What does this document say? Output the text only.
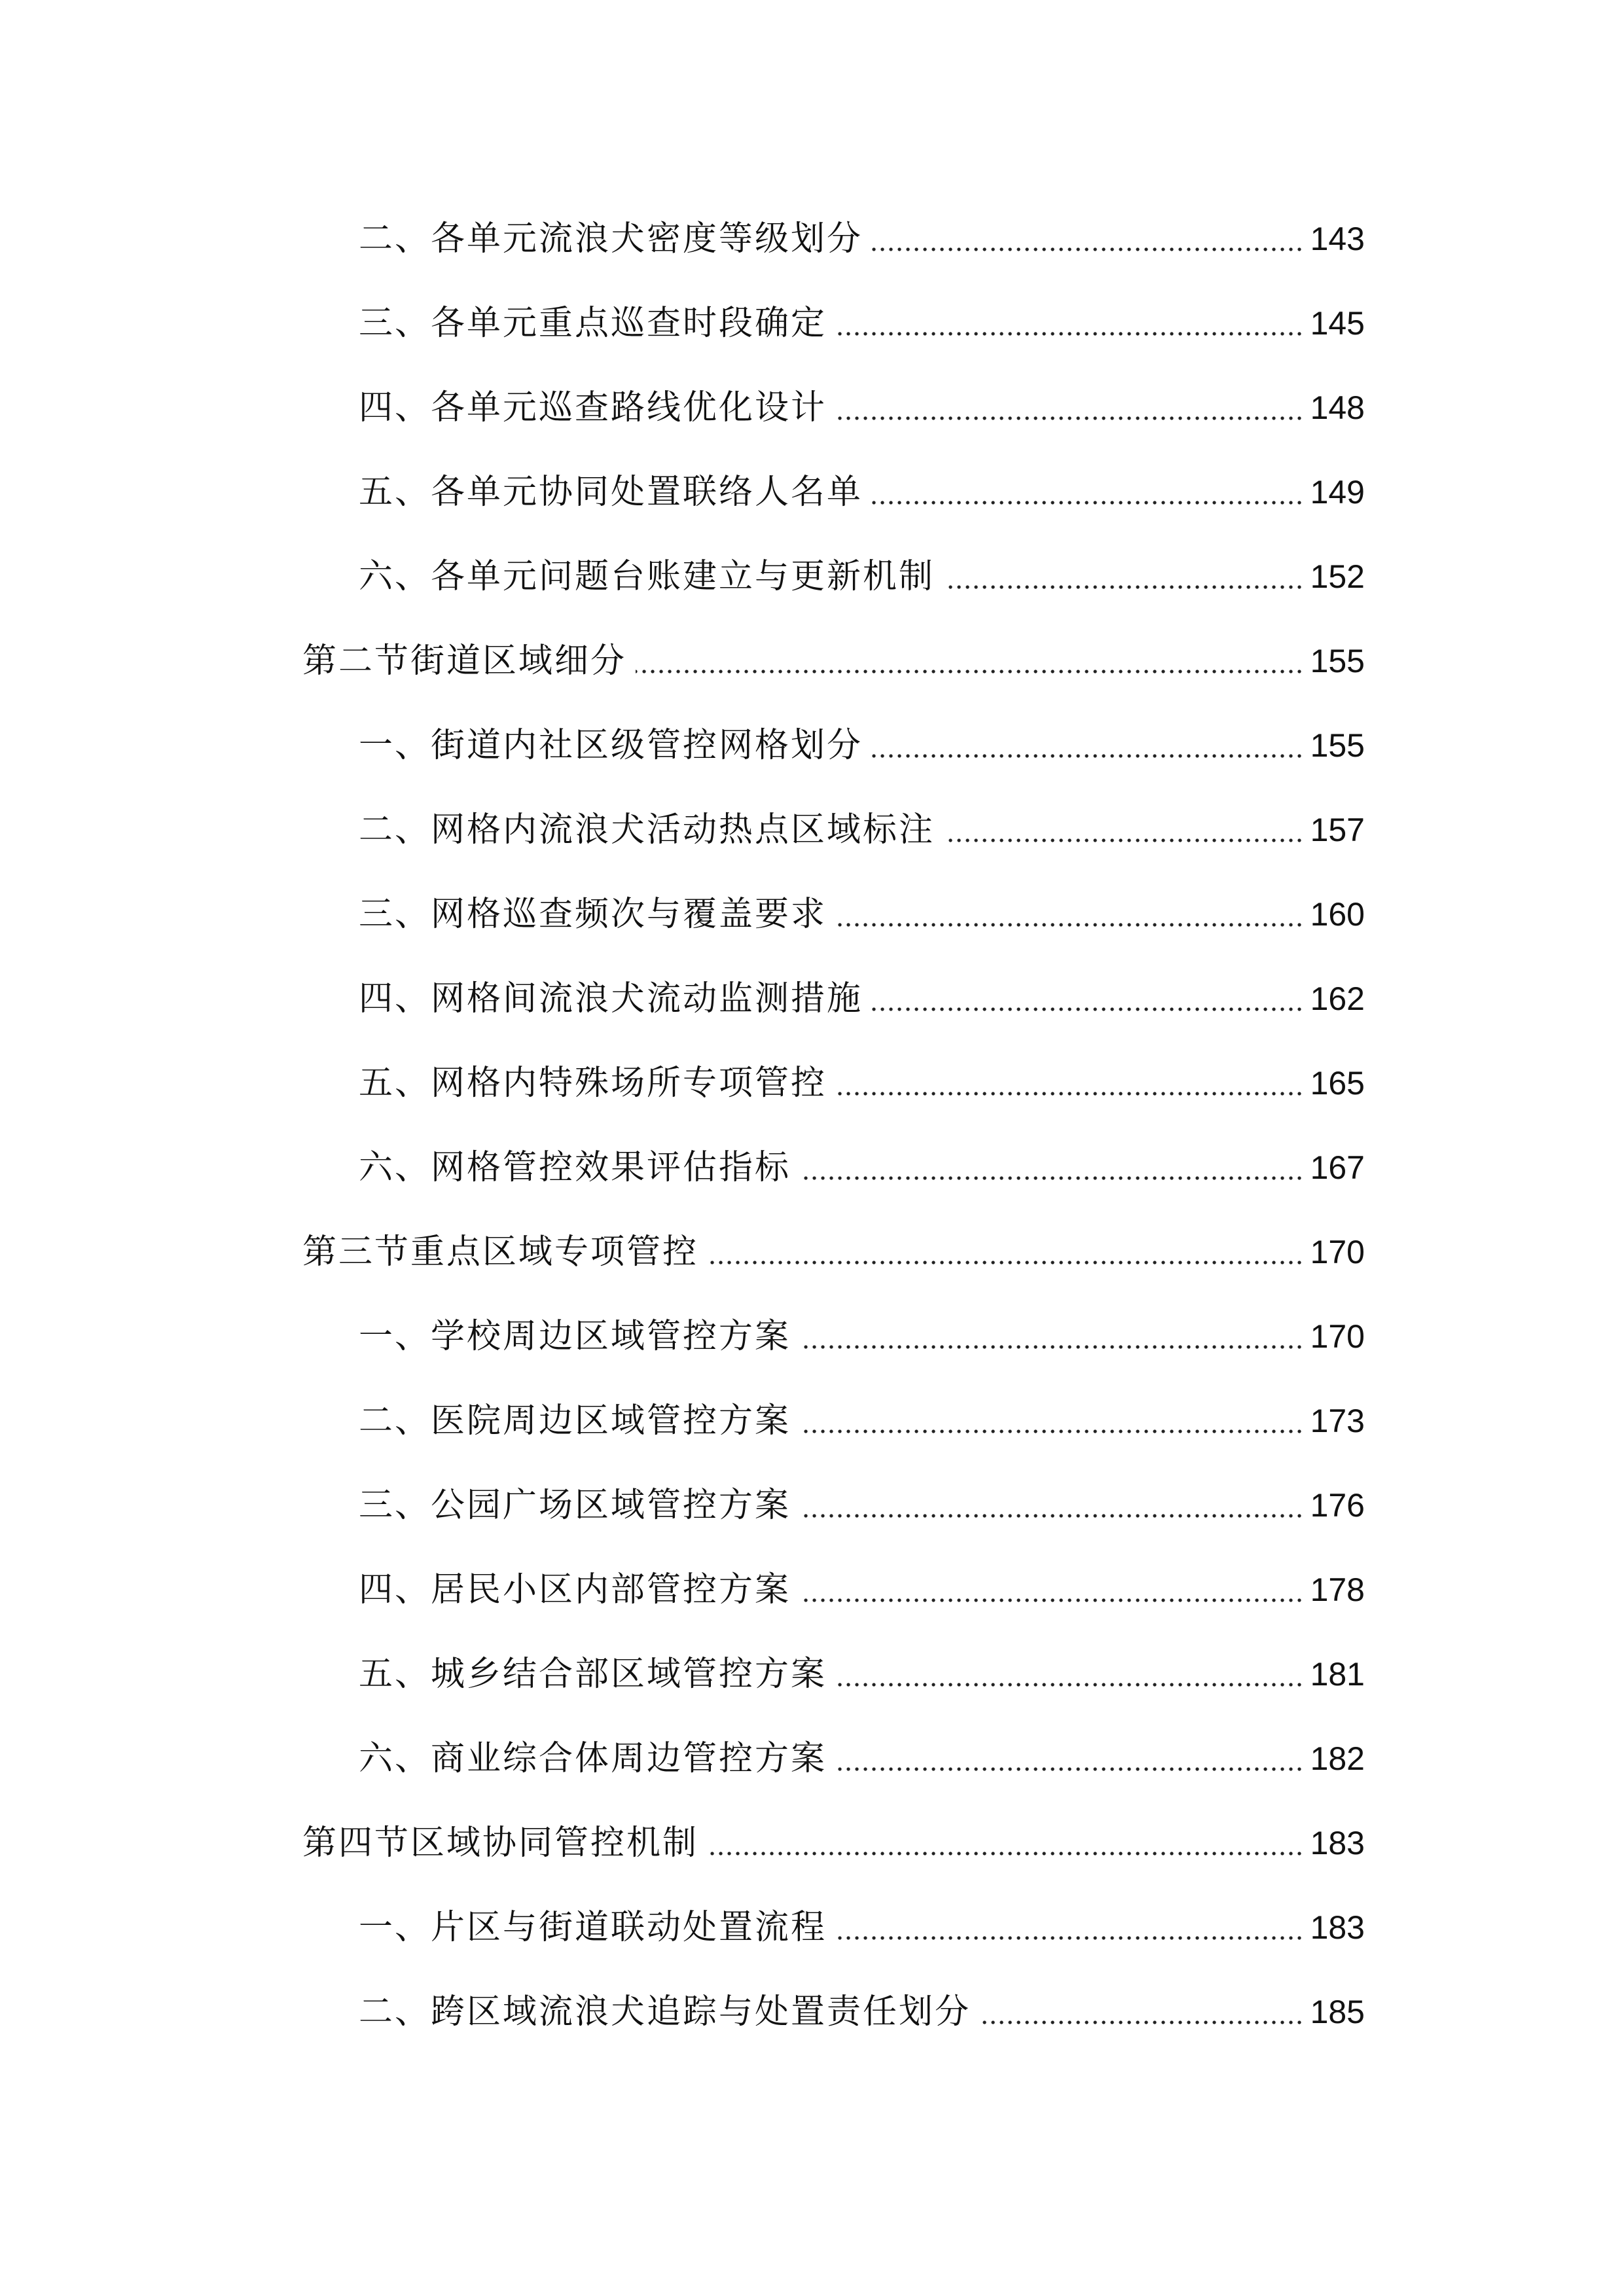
二、各单元流浪犬密度等级划分	143
三、各单元重点巡查时段确定	145
四、各单元巡查路线优化设计	148
五、各单元协同处置联络人名单	149
六、各单元问题台账建立与更新机制	152
第二节街道区域细分	155
一、街道内社区级管控网格划分	155
二、网格内流浪犬活动热点区域标注	157
三、网格巡查频次与覆盖要求	160
四、网格间流浪犬流动监测措施	162
五、网格内特殊场所专项管控	165
六、网格管控效果评估指标	167
第三节重点区域专项管控	170
一、学校周边区域管控方案	170
二、医院周边区域管控方案	173
三、公园广场区域管控方案	176
四、居民小区内部管控方案	178
五、城乡结合部区域管控方案	181
六、商业综合体周边管控方案	182
第四节区域协同管控机制	183
一、片区与街道联动处置流程	183
二、跨区域流浪犬追踪与处置责任划分	185
